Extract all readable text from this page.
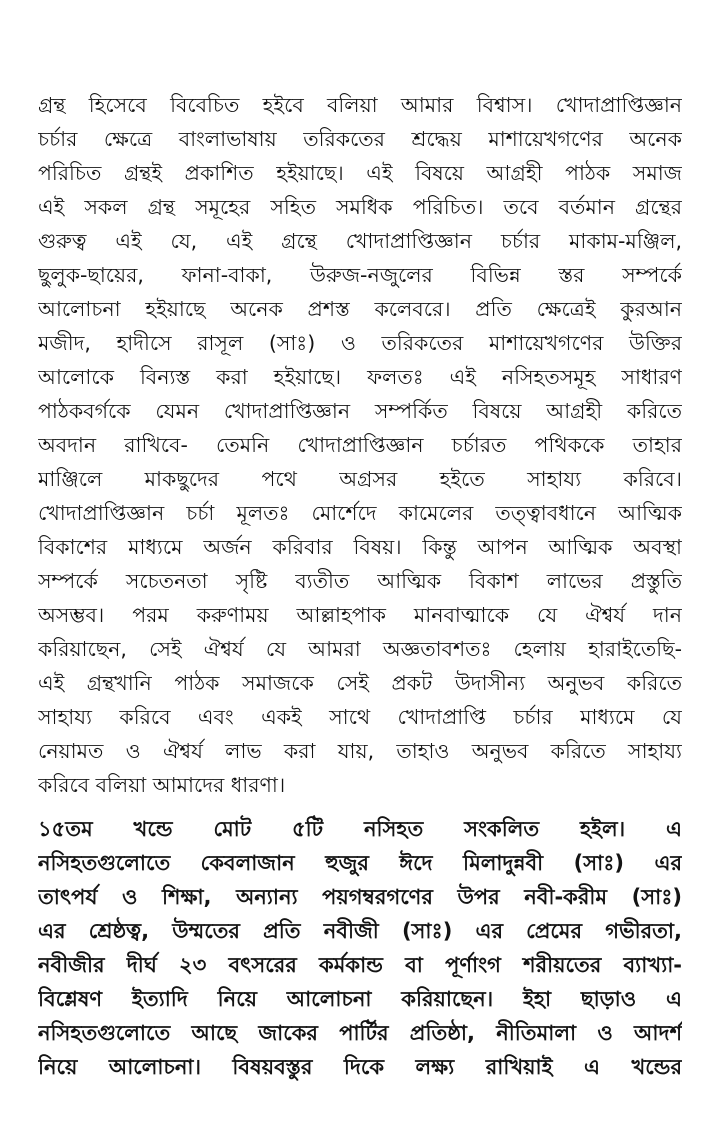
গ্রন্থ হিসেবে বিবেচিত হইবে বলিয়া আমার বিশ্বাস। খোদাপ্রাপ্তিজ্ঞান
চর্চার ক্ষেত্রে বাংলাভাষায় তরিকতের শ্রদ্ধেয় মাশায়েখগণের অনেক
পরিচিত গ্রন্থই প্রকাশিত হইয়াছে। এই বিষয়ে আগ্রহী পাঠক সমাজ
এই সকল গ্রন্থ সমূহের সহিত সমধিক পরিচিত। তবে বর্তমান গ্রন্থের
গুরুত্ব এই যে, এই গ্রন্থে খোদাপ্রাপ্তিজ্ঞান চর্চার মাকাম-মঞ্জিল,
ছুলুক-ছায়ের, ফানা-বাকা, উরুজ-নজুলের বিভিন্ন স্তর সম্পর্কে
আলোচনা হইয়াছে অনেক প্রশস্ত কলেবরে। প্রতি ক্ষেত্রেই কুরআন
মজীদ, হাদীসে রাসূল (সাঃ) ও তরিকতের মাশায়েখগণের উক্তির
আলোকে বিন্যস্ত করা হইয়াছে। ফলতঃ এই নসিহতসমূহ সাধারণ
পাঠকবর্গকে যেমন খোদাপ্রাপ্তিজ্ঞান সম্পর্কিত বিষয়ে আগ্রহী করিতে
অবদান রাখিবে- তেমনি খোদাপ্রাপ্তিজ্ঞান চর্চারত পথিককে তাহার
মাঞ্জিলে মাকছুদের পথে অগ্রসর হইতে সাহায্য করিবে।
খোদাপ্রাপ্তিজ্ঞান চর্চা মূলতঃ মোর্শেদে কামেলের তত্ত্বাবধানে আত্মিক
বিকাশের মাধ্যমে অর্জন করিবার বিষয়। কিন্তু আপন আত্মিক অবস্থা
সম্পর্কে সচেতনতা সৃষ্টি ব্যতীত আত্মিক বিকাশ লাভের প্রস্তুতি
অসম্ভব। পরম করুণাময় আল্লাহপাক মানবাত্মাকে যে ঐশ্বর্য দান
করিয়াছেন, সেই ঐশ্বর্য যে আমরা অজ্ঞতাবশতঃ হেলায় হারাইতেছি-
এই গ্রন্থখানি পাঠক সমাজকে সেই প্রকট উদাসীন্য অনুভব করিতে
সাহায্য করিবে এবং একই সাথে খোদাপ্রাপ্তি চর্চার মাধ্যমে যে
নেয়ামত ও ঐশ্বর্য লাভ করা যায়, তাহাও অনুভব করিতে সাহায্য
করিবে বলিয়া আমাদের ধারণা।
১৫তম খন্ডে মোট ৫টি নসিহত সংকলিত হইল। এ
নসিহতগুলোতে কেবলাজান হুজুর ঈদে মিলাদুন্নবী (সাঃ) এর
তাৎপর্য ও শিক্ষা, অন্যান্য পয়গম্বরগণের উপর নবী-করীম (সাঃ)
এর শ্রেষ্ঠত্ব, উম্মতের প্রতি নবীজী (সাঃ) এর প্রেমের গভীরতা,
নবীজীর দীর্ঘ ২৩ বৎসরের কর্মকান্ড বা পূর্ণাংগ শরীয়তের ব্যাখ্যা-
বিশ্লেষণ ইত্যাদি নিয়ে আলোচনা করিয়াছেন। ইহা ছাড়াও এ
নসিহতগুলোতে আছে জাকের পার্টির প্রতিষ্ঠা, নীতিমালা ও আদর্শ
নিয়ে আলোচনা। বিষয়বস্তুর দিকে লক্ষ্য রাখিয়াই এ খন্ডের
